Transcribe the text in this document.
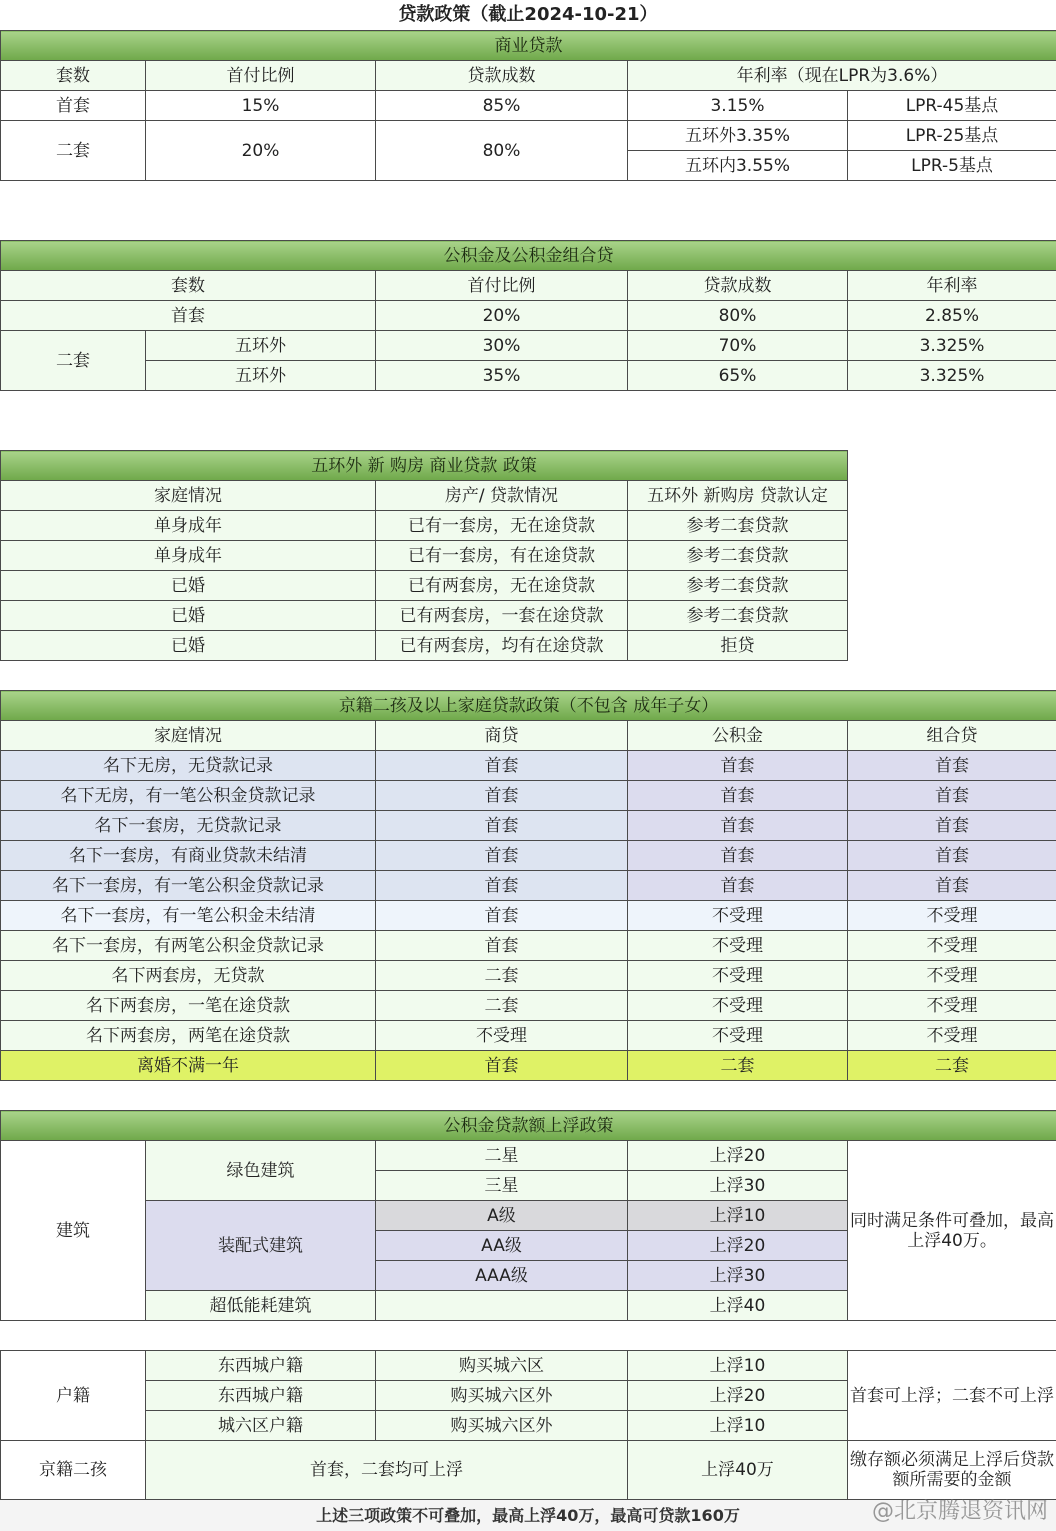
贷款政策（截止2024-10-21）
商业贷款				
套数	首付比例	贷款成数	年利率（现在LPR为3.6%）	
首套	15%	85%	3.15%	LPR-45基点
二套	20%	80%	五环外3.35%	LPR-25基点
			五环内3.55%	LPR-5基点
公积金及公积金组合贷				
套数		首付比例	贷款成数	年利率
首套		20%	80%	2.85%
二套	五环外	30%	70%	3.325%
	五环外	35%	65%	3.325%
五环外 新 购房 商业贷款 政策		
家庭情况	房产/ 贷款情况	五环外 新购房 贷款认定
单身成年	已有一套房，无在途贷款	参考二套贷款
单身成年	已有一套房，有在途贷款	参考二套贷款
已婚	已有两套房，无在途贷款	参考二套贷款
已婚	已有两套房，一套在途贷款	参考二套贷款
已婚	已有两套房，均有在途贷款	拒贷
京籍二孩及以上家庭贷款政策（不包含 成年子女）			
家庭情况	商贷	公积金	组合贷
名下无房，无贷款记录	首套	首套	首套
名下无房，有一笔公积金贷款记录	首套	首套	首套
名下一套房，无贷款记录	首套	首套	首套
名下一套房，有商业贷款未结清	首套	首套	首套
名下一套房，有一笔公积金贷款记录	首套	首套	首套
名下一套房，有一笔公积金未结清	首套	不受理	不受理
名下一套房，有两笔公积金贷款记录	首套	不受理	不受理
名下两套房，无贷款	二套	不受理	不受理
名下两套房，一笔在途贷款	二套	不受理	不受理
名下两套房，两笔在途贷款	不受理	不受理	不受理
离婚不满一年	首套	二套	二套
公积金贷款额上浮政策				
建筑	绿色建筑	二星	上浮20	同时满足条件可叠加，最高上浮40万。
		三星	上浮30	
	装配式建筑	A级	上浮10	
		AA级	上浮20	
		AAA级	上浮30	
	超低能耗建筑		上浮40	
户籍	东西城户籍	购买城六区	上浮10	首套可上浮；二套不可上浮
	东西城户籍	购买城六区外	上浮20	
	城六区户籍	购买城六区外	上浮10	
京籍二孩	首套，二套均可上浮		上浮40万	缴存额必须满足上浮后贷款额所需要的金额
上述三项政策不可叠加，最高上浮40万，最高可贷款160万	@北京腾退资讯网
